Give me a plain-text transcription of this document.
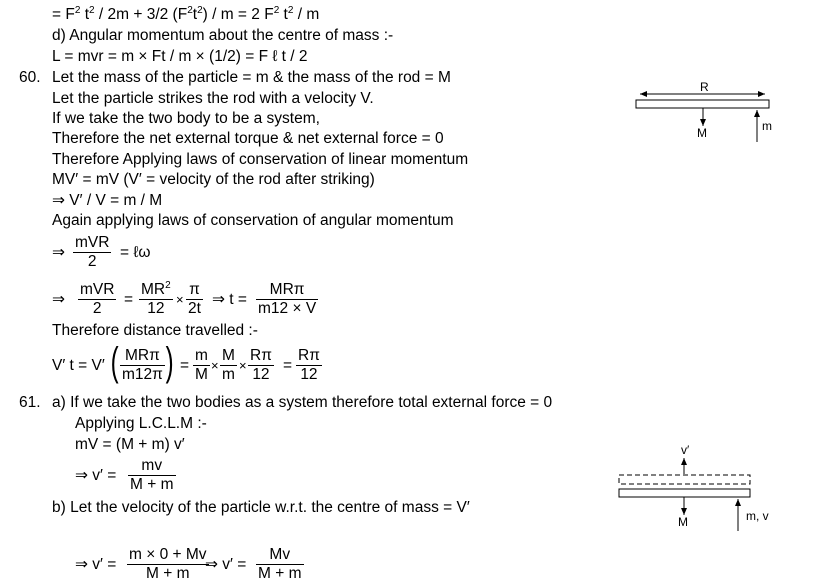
= $F^2$ $t^2 / 2m + 3/2$ $(F^2t^2) / m = 2$ $F^2$ $t^2$ / m
d) Angular momentum about the centre of mass :-
L = mvr = m × Ft / m × (1/2) = F ℓ t / 2
60. Let the mass of the particle = m & the mass of the rod = M
Let the particle strikes the rod with a velocity V.
If we take the two body to be a system,
Therefore the net external torque & net external force = 0
Therefore Applying laws of conservation of linear momentum
MV′ = mV (V′ = velocity of the rod after striking)
⇒ V′ / V = m / M
Again applying laws of conservation of angular momentum
⇒
mVR
2
= ℓω
⇒
mVR
2
= $\frac{MR^2}{12} \times \frac{\pi}{2t}$ ⇒ t =
MRπ
m12 × V
Therefore distance travelled :-
V′ t = V′ ( MRπ
m12π ) = $\frac{m}{M} \times \frac{M}{m} \times \frac{R\pi}{12} = \frac{R\pi}{12}$
R
M	m
61. a) If we take the two bodies as a system therefore total external force = 0
Applying L.C.L.M :-
mV = (M + m) v′
⇒ $v' = \frac{mv}{M + m}$
b) Let the velocity of the particle w.r.t. the centre of mass = V′
⇒ $v' = \frac{m \times 0 + Mv}{M + m}$
⇒ $v' = \frac{Mv}{M + m}$
v′
M	m, v
